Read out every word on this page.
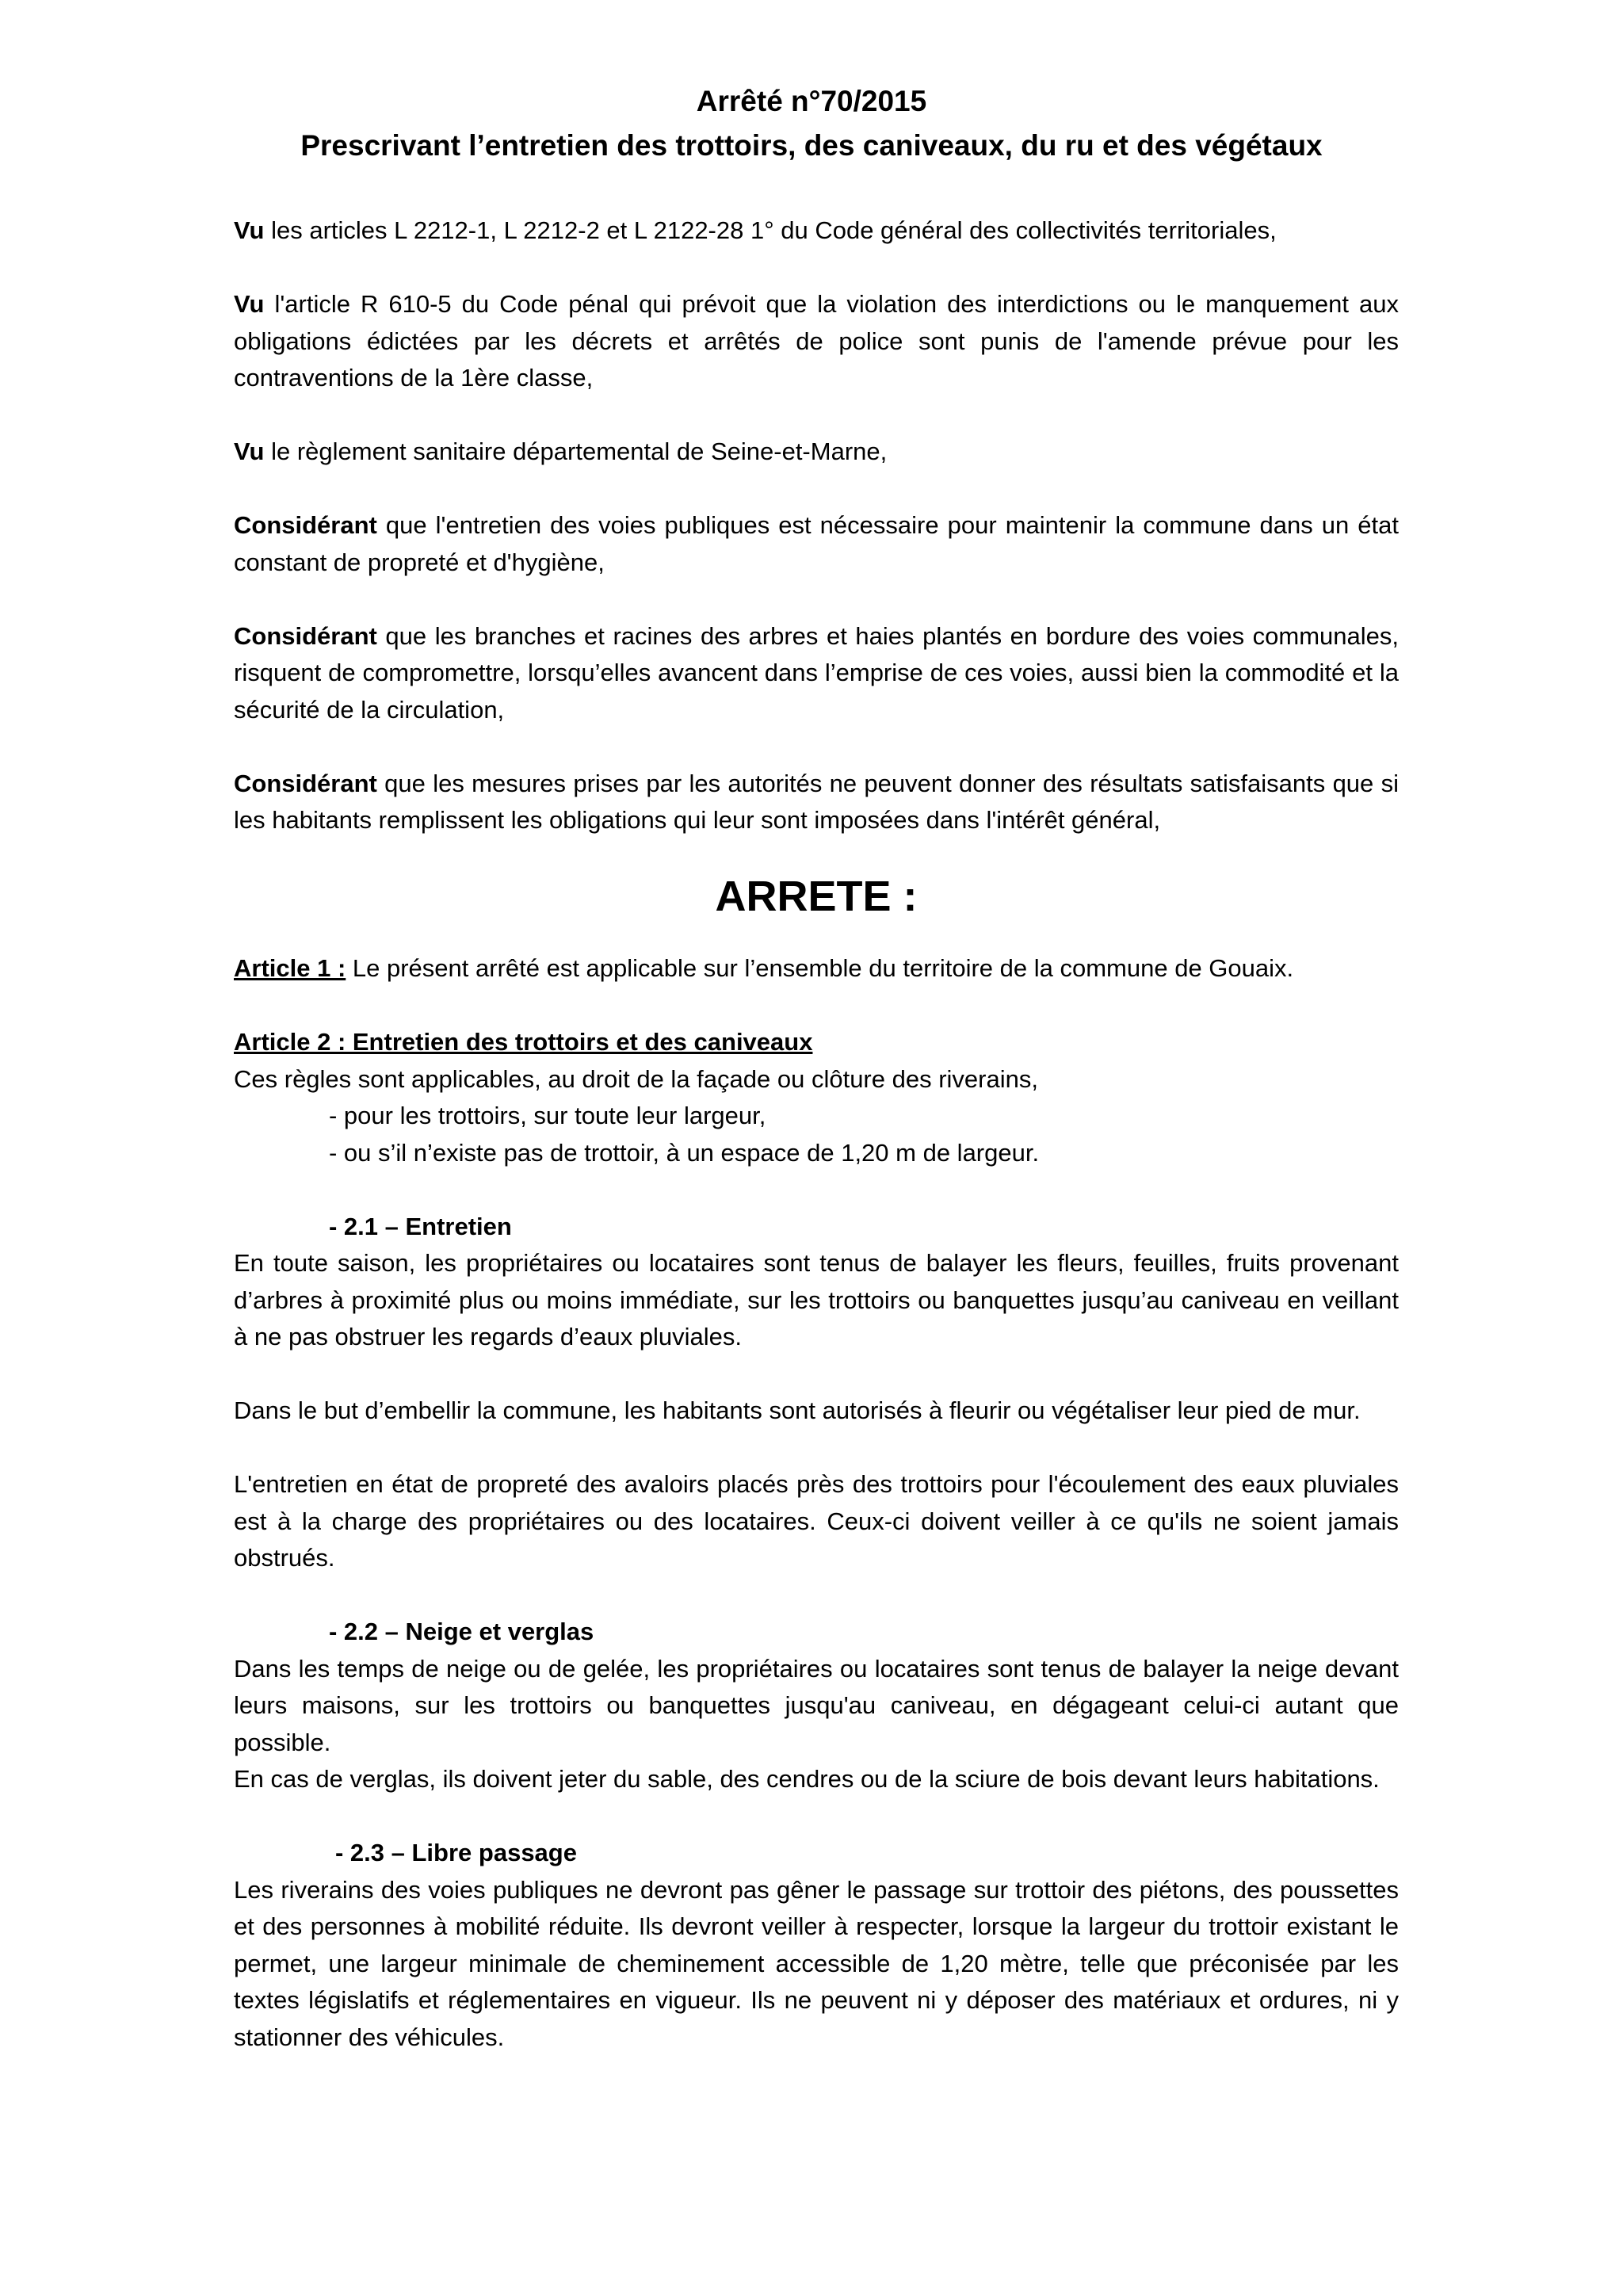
Arrêté n°70/2015
Prescrivant l’entretien des trottoirs, des caniveaux, du ru et des végétaux

Vu les articles L 2212-1, L 2212-2 et L 2122-28 1° du Code général des collectivités territoriales,

Vu l'article R 610-5 du Code pénal qui prévoit que la violation des interdictions ou le manquement aux obligations édictées par les décrets et arrêtés de police sont punis de l'amende prévue pour les contraventions de la 1ère classe,

Vu le règlement sanitaire départemental de Seine-et-Marne,

Considérant que l'entretien des voies publiques est nécessaire pour maintenir la commune dans un état constant de propreté et d'hygiène,

Considérant que les branches et racines des arbres et haies plantés en bordure des voies communales, risquent de compromettre, lorsqu’elles avancent dans l’emprise de ces voies, aussi bien la commodité et la sécurité de la circulation,

Considérant que les mesures prises par les autorités ne peuvent donner des résultats satisfaisants que si les habitants remplissent les obligations qui leur sont imposées dans l'intérêt général,

ARRETE :

Article 1 : Le présent arrêté est applicable sur l’ensemble du territoire de la commune de Gouaix.

Article 2 : Entretien des trottoirs et des caniveaux
Ces règles sont applicables, au droit de la façade ou clôture des riverains,
- pour les trottoirs, sur toute leur largeur,
- ou s’il n’existe pas de trottoir, à un espace de 1,20 m de largeur.
- 2.1 – Entretien

En toute saison, les propriétaires ou locataires sont tenus de balayer les fleurs, feuilles, fruits provenant d’arbres à proximité plus ou moins immédiate, sur les trottoirs ou banquettes jusqu’au caniveau en veillant à ne pas obstruer les regards d’eaux pluviales.

Dans le but d’embellir la commune, les habitants sont autorisés à fleurir ou végétaliser leur pied de mur.

L'entretien en état de propreté des avaloirs placés près des trottoirs pour l'écoulement des eaux pluviales est à la charge des propriétaires ou des locataires. Ceux-ci doivent veiller à ce qu'ils ne soient jamais obstrués.

- 2.2 – Neige et verglas

Dans les temps de neige ou de gelée, les propriétaires ou locataires sont tenus de balayer la neige devant leurs maisons, sur les trottoirs ou banquettes jusqu'au caniveau, en dégageant celui-ci autant que possible.

En cas de verglas, ils doivent jeter du sable, des cendres ou de la sciure de bois devant leurs habitations.

- 2.3 – Libre passage

Les riverains des voies publiques ne devront pas gêner le passage sur trottoir des piétons, des poussettes et des personnes à mobilité réduite. Ils devront veiller à respecter, lorsque la largeur du trottoir existant le permet, une largeur minimale de cheminement accessible de 1,20 mètre, telle que préconisée par les textes législatifs et réglementaires en vigueur. Ils ne peuvent ni y déposer des matériaux et ordures, ni y stationner des véhicules.
